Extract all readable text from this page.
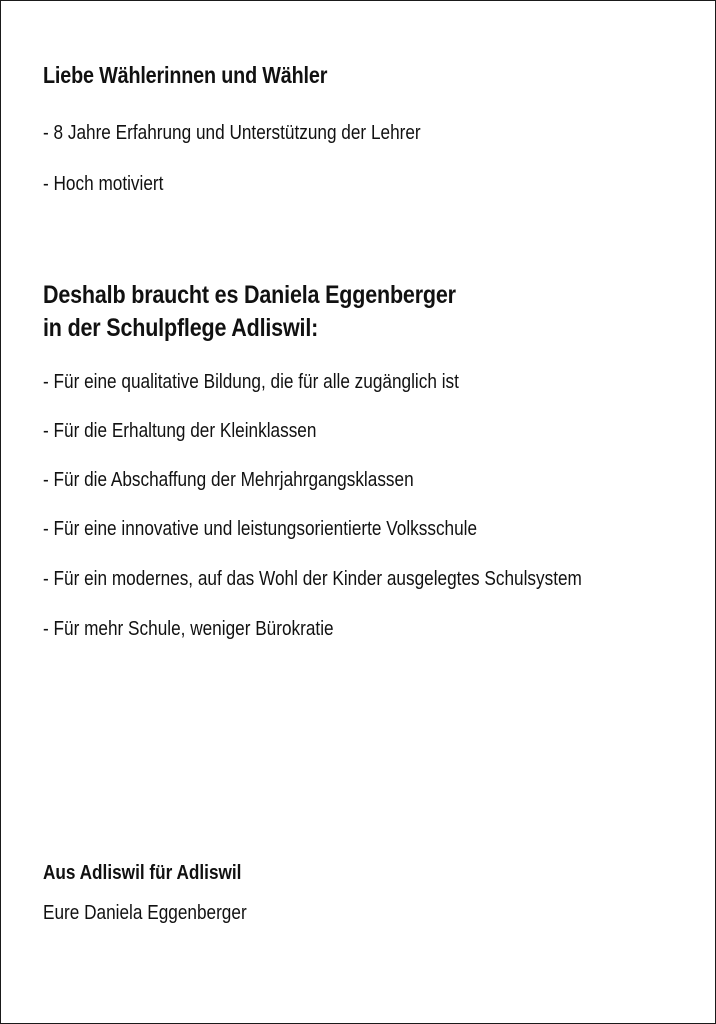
Liebe Wählerinnen und Wähler
- 8 Jahre Erfahrung und Unterstützung der Lehrer
- Hoch motiviert
Deshalb braucht es Daniela Eggenberger
in der Schulpflege Adliswil:
- Für eine qualitative Bildung, die für alle zugänglich ist
- Für die Erhaltung der Kleinklassen
- Für die Abschaffung der Mehrjahrgangsklassen
- Für eine innovative und leistungsorientierte Volksschule
- Für ein modernes, auf das Wohl der Kinder ausgelegtes Schulsystem
- Für mehr Schule, weniger Bürokratie
Aus Adliswil für Adliswil
Eure Daniela Eggenberger
